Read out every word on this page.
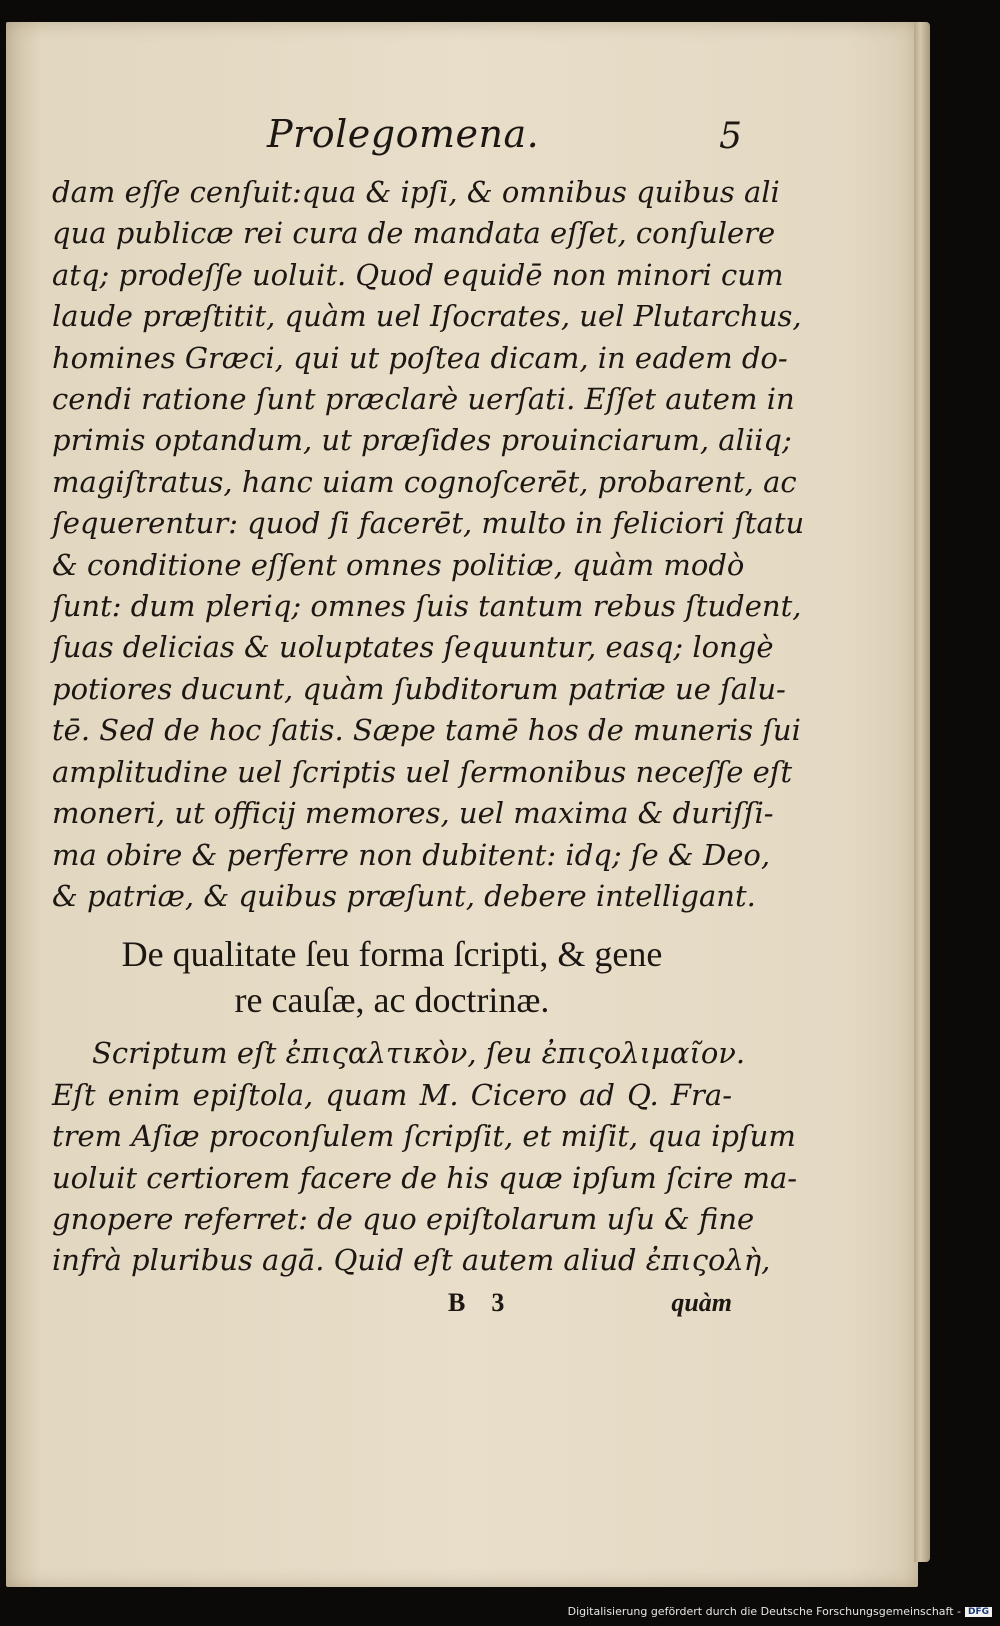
Prolegomena.	5
dam eſſe cenſuit:qua & ipſi, & omnibus quibus ali
qua publicæ rei cura de mandata eſſet, conſulere
atq; prodeſſe uoluit. Quod equidē non minori cum
laude præſtitit, quàm uel Iſocrates, uel Plutarchus,
homines Græci, qui ut poſtea dicam, in eadem do-
cendi ratione ſunt præclarè uerſati. Eſſet autem in
primis optandum, ut præſides prouinciarum, aliiq;
magiſtratus, hanc uiam cognoſcerēt, probarent, ac
ſequerentur: quod ſi facerēt, multo in feliciori ſtatu
& conditione eſſent omnes politiæ, quàm modò
ſunt: dum pleriq; omnes ſuis tantum rebus ſtudent,
ſuas delicias & uoluptates ſequuntur, easq; longè
potiores ducunt, quàm ſubditorum patriæ ue ſalu-
tē. Sed de hoc ſatis. Sæpe tamē hos de muneris ſui
amplitudine uel ſcriptis uel ſermonibus neceſſe eſt
moneri, ut officij memores, uel maxima & duriſſi-
ma obire & perferre non dubitent: idq; ſe & Deo,
& patriæ, & quibus præſunt, debere intelligant.
De qualitate ſeu forma ſcripti, & gene
re cauſæ, ac doctrinæ.
Scriptum eſt ἐπιςαλτικὸν, ſeu ἐπιςολιμαῖον.
Eſt enim epiſtola, quam M. Cicero ad Q. Fra-
trem Aſiæ proconſulem ſcripſit, et miſit, qua ipſum
uoluit certiorem facere de his quæ ipſum ſcire ma-
gnopere referret: de quo epiſtolarum uſu & fine
infrà pluribus agā. Quid eſt autem aliud ἐπιςολὴ,
B 3	quàm
Digitalisierung gefördert durch die Deutsche Forschungsgemeinschaft - DFG
